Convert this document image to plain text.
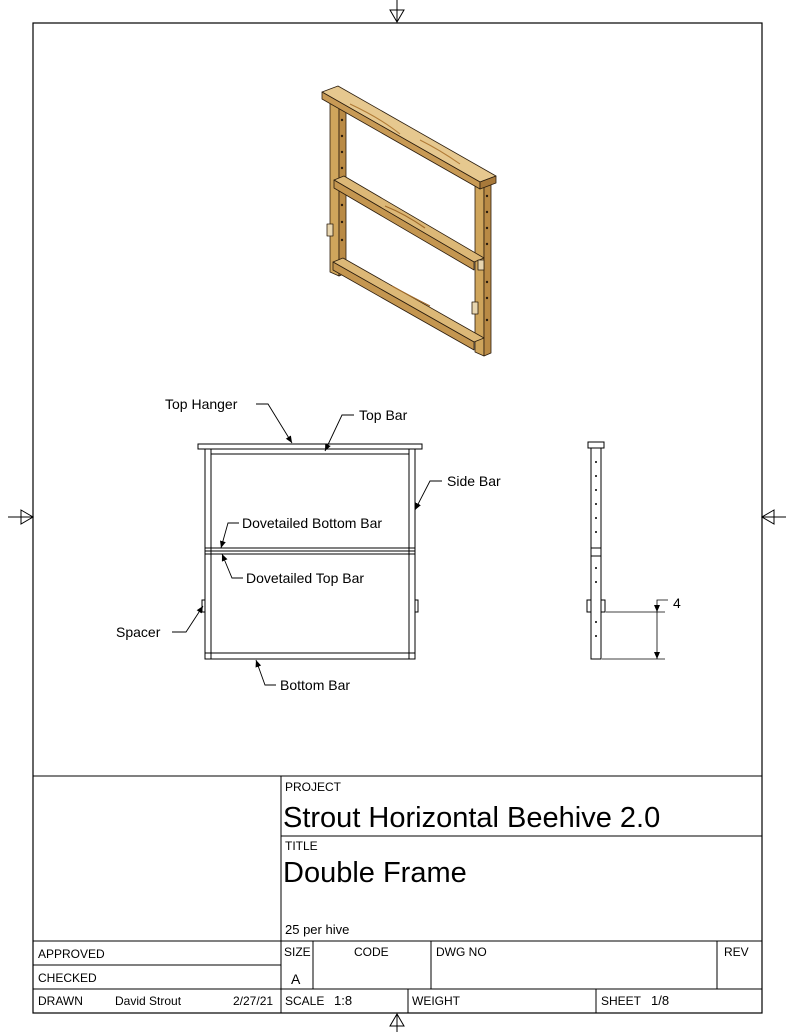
4
Top Hanger
Top Bar
Side Bar
Dovetailed Bottom Bar
Dovetailed Top Bar
Spacer
Bottom Bar
PROJECT
Strout Horizontal Beehive 2.0
TITLE
Double Frame
25 per hive
APPROVED
CHECKED
DRAWN	David Strout	2/27/21
SIZE
A
CODE	DWG NO	REV
SCALE 1:8	WEIGHT	SHEET 1/8
